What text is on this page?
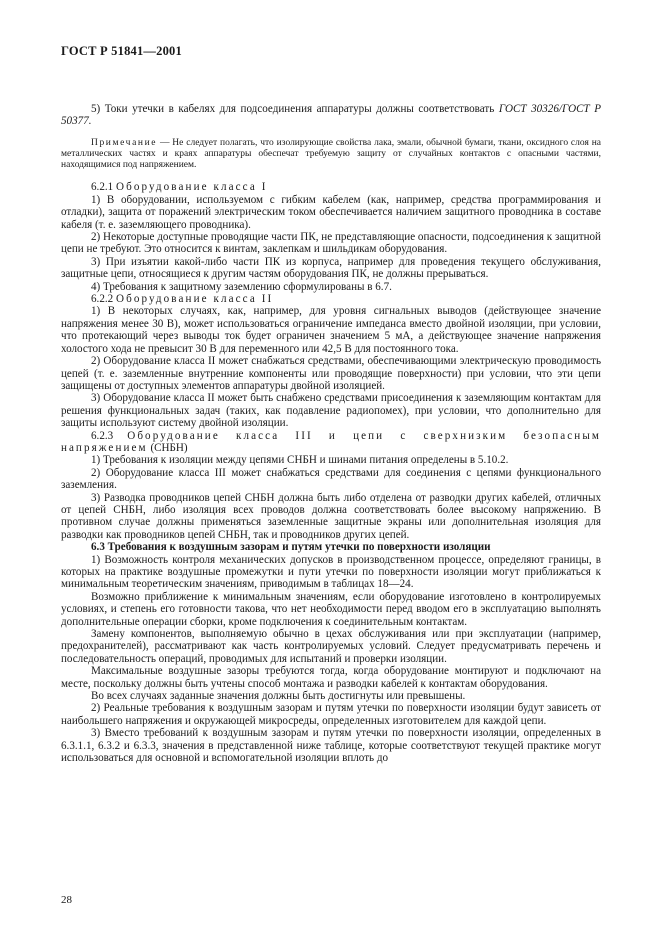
ГОСТ Р 51841—2001

5) Токи утечки в кабелях для подсоединения аппаратуры должны соответствовать ГОСТ 30326/ГОСТ Р 50377.

Примечание — Не следует полагать, что изолирующие свойства лака, эмали, обычной бумаги, ткани, оксидного слоя на металлических частях и краях аппаратуры обеспечат требуемую защиту от случайных контактов с опасными частями, находящимися под напряжением.

6.2.1 Оборудование класса I

1) В оборудовании, используемом с гибким кабелем (как, например, средства программирования и отладки), защита от поражений электрическим током обеспечивается наличием защитного проводника в составе кабеля (т. е. заземляющего проводника).

2) Некоторые доступные проводящие части ПК, не представляющие опасности, подсоединения к защитной цепи не требуют. Это относится к винтам, заклепкам и шильдикам оборудования.

3) При изъятии какой-либо части ПК из корпуса, например для проведения текущего обслуживания, защитные цепи, относящиеся к другим частям оборудования ПК, не должны прерываться.

4) Требования к защитному заземлению сформулированы в 6.7.

6.2.2 Оборудование класса II

1) В некоторых случаях, как, например, для уровня сигнальных выводов (действующее значение напряжения менее 30 В), может использоваться ограничение импеданса вместо двойной изоляции, при условии, что протекающий через выводы ток будет ограничен значением 5 мА, а действующее значение напряжения холостого хода не превысит 30 В для переменного или 42,5 В для постоянного тока.

2) Оборудование класса II может снабжаться средствами, обеспечивающими электрическую проводимость цепей (т. е. заземленные внутренние компоненты или проводящие поверхности) при условии, что эти цепи защищены от доступных элементов аппаратуры двойной изоляцией.

3) Оборудование класса II может быть снабжено средствами присоединения к заземляющим контактам для решения функциональных задач (таких, как подавление радиопомех), при условии, что дополнительно для защиты используют систему двойной изоляции.

6.2.3 Оборудование класса III и цепи с сверхнизким безопасным напряжением (СНБН)

1) Требования к изоляции между цепями СНБН и шинами питания определены в 5.10.2.

2) Оборудование класса III может снабжаться средствами для соединения с цепями функционального заземления.

3) Разводка проводников цепей СНБН должна быть либо отделена от разводки других кабелей, отличных от цепей СНБН, либо изоляция всех проводов должна соответствовать более высокому напряжению. В противном случае должны применяться заземленные защитные экраны или дополнительная изоляция для разводки как проводников цепей СНБН, так и проводников других цепей.

6.3 Требования к воздушным зазорам и путям утечки по поверхности изоляции

1) Возможность контроля механических допусков в производственном процессе, определяют границы, в которых на практике воздушные промежутки и пути утечки по поверхности изоляции могут приближаться к минимальным теоретическим значениям, приводимым в таблицах 18—24.

Возможно приближение к минимальным значениям, если оборудование изготовлено в контролируемых условиях, и степень его готовности такова, что нет необходимости перед вводом его в эксплуатацию выполнять дополнительные операции сборки, кроме подключения к соединительным контактам.

Замену компонентов, выполняемую обычно в цехах обслуживания или при эксплуатации (например, предохранителей), рассматривают как часть контролируемых условий. Следует предусматривать перечень и последовательность операций, проводимых для испытаний и проверки изоляции.

Максимальные воздушные зазоры требуются тогда, когда оборудование монтируют и подключают на месте, поскольку должны быть учтены способ монтажа и разводки кабелей к контактам оборудования.

Во всех случаях заданные значения должны быть достигнуты или превышены.

2) Реальные требования к воздушным зазорам и путям утечки по поверхности изоляции будут зависеть от наибольшего напряжения и окружающей микросреды, определенных изготовителем для каждой цепи.

3) Вместо требований к воздушным зазорам и путям утечки по поверхности изоляции, определенных в 6.3.1.1, 6.3.2 и 6.3.3, значения в представленной ниже таблице, которые соответствуют текущей практике могут использоваться для основной и вспомогательной изоляции вплоть до

28
